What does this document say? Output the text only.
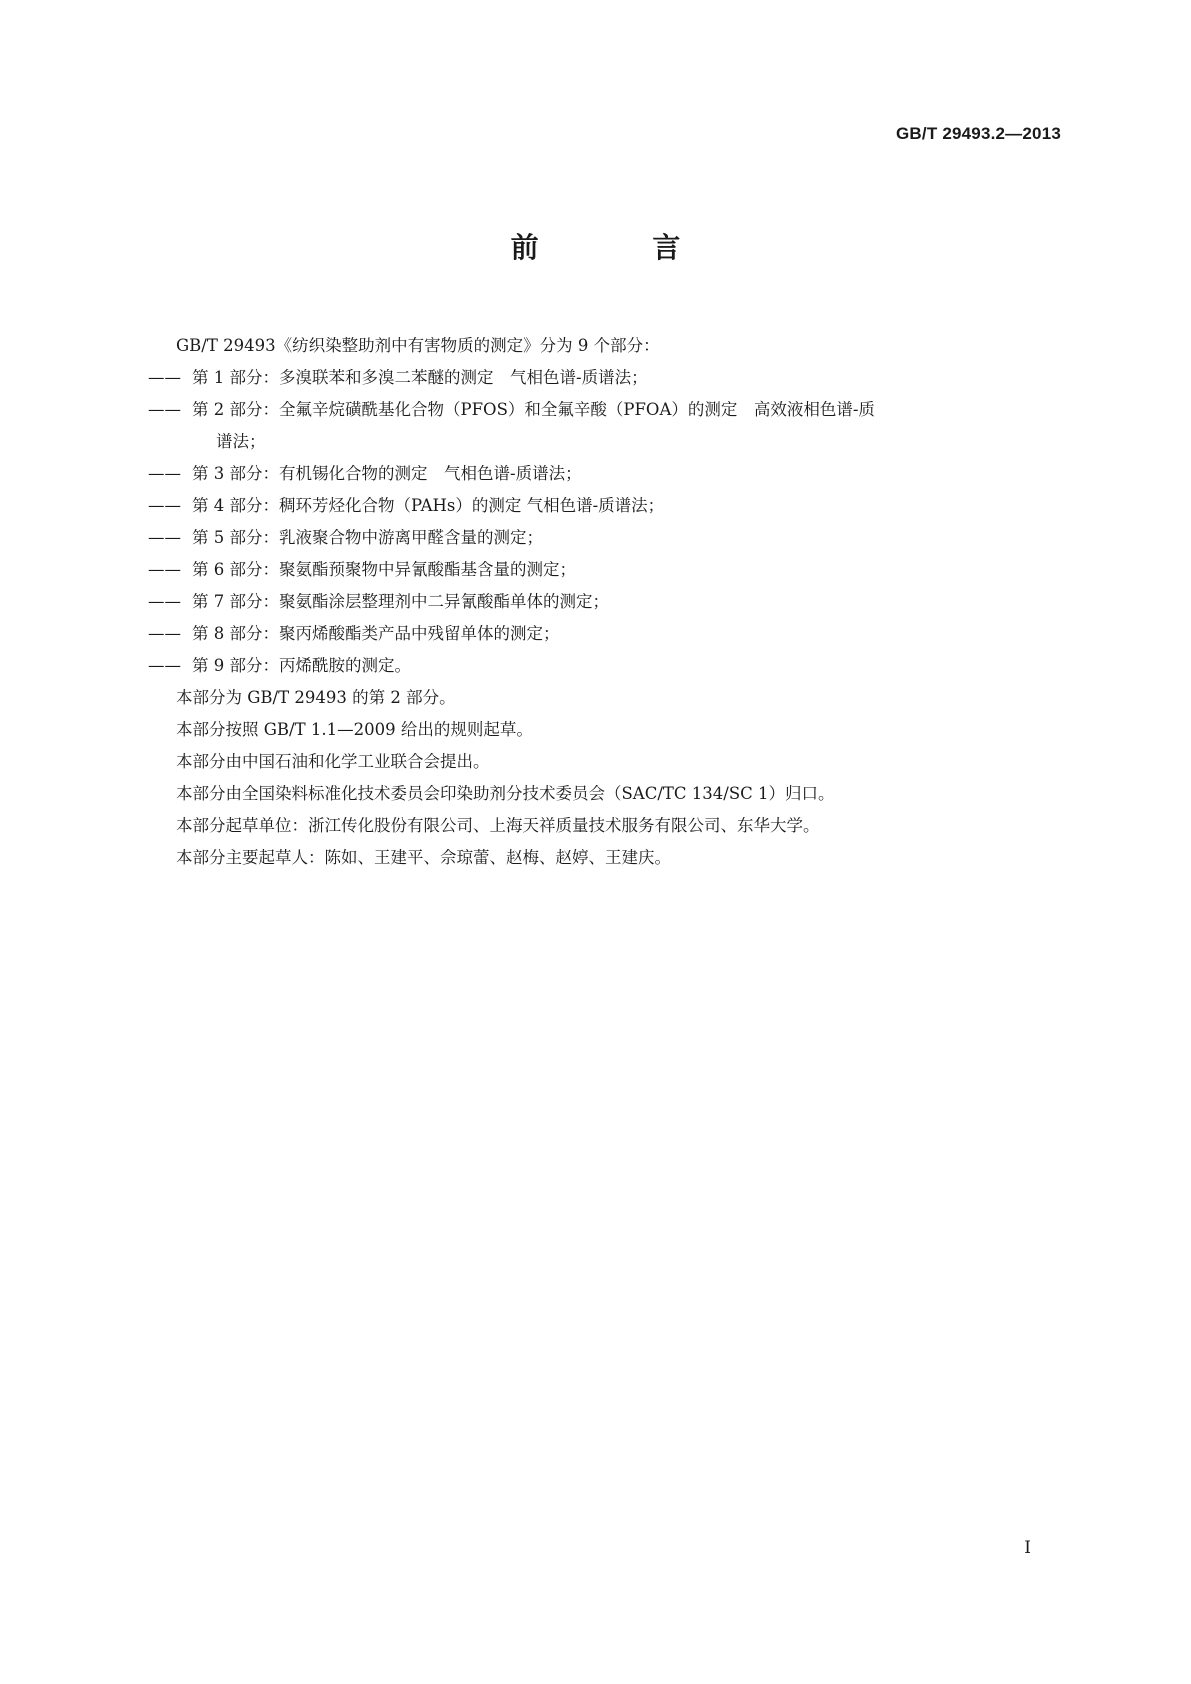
GB/T 29493.2—2013
前 言
GB/T 29493《纺织染整助剂中有害物质的测定》分为 9 个部分：
—— 第 1 部分：多溴联苯和多溴二苯醚的测定　气相色谱-质谱法；
—— 第 2 部分：全氟辛烷磺酰基化合物（PFOS）和全氟辛酸（PFOA）的测定　高效液相色谱-质
谱法；
—— 第 3 部分：有机锡化合物的测定　气相色谱-质谱法；
—— 第 4 部分：稠环芳烃化合物（PAHs）的测定 气相色谱-质谱法；
—— 第 5 部分：乳液聚合物中游离甲醛含量的测定；
—— 第 6 部分：聚氨酯预聚物中异氰酸酯基含量的测定；
—— 第 7 部分：聚氨酯涂层整理剂中二异氰酸酯单体的测定；
—— 第 8 部分：聚丙烯酸酯类产品中残留单体的测定；
—— 第 9 部分：丙烯酰胺的测定。
本部分为 GB/T 29493 的第 2 部分。
本部分按照 GB/T 1.1—2009 给出的规则起草。
本部分由中国石油和化学工业联合会提出。
本部分由全国染料标准化技术委员会印染助剂分技术委员会（SAC/TC 134/SC 1）归口。
本部分起草单位：浙江传化股份有限公司、上海天祥质量技术服务有限公司、东华大学。
本部分主要起草人：陈如、王建平、佘琼蕾、赵梅、赵婷、王建庆。
I
